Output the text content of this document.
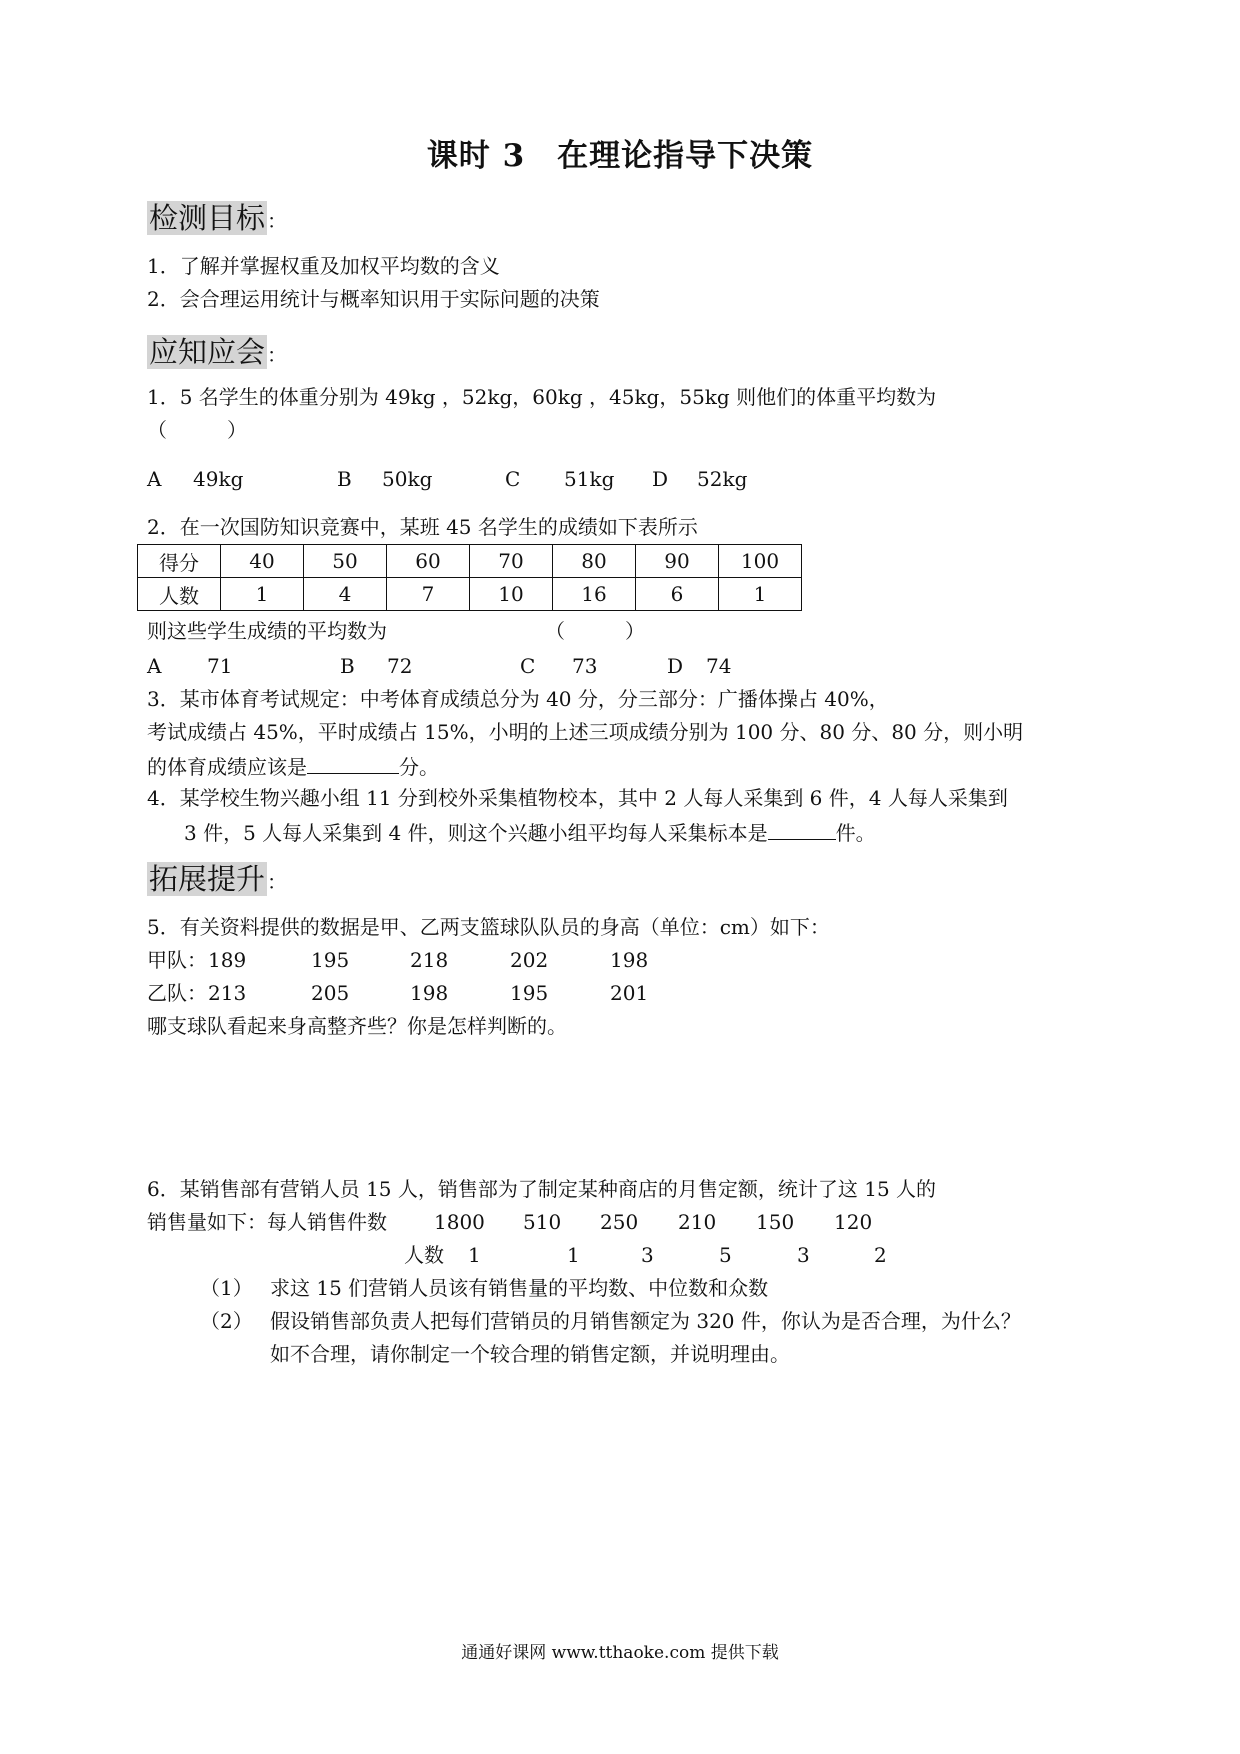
课时 3　在理论指导下决策
检测目标 ：
1．了解并掌握权重及加权平均数的含义
2．会合理运用统计与概率知识用于实际问题的决策
应知应会 ：
1．5 名学生的体重分别为 49kg ，52kg，60kg ，45kg，55kg 则他们的体重平均数为
（　　　）
A 49kg	B 50kg	C 51kg D 52kg
2．在一次国防知识竞赛中，某班 45 名学生的成绩如下表所示
得分	40	50	60	70	80	90	100
人数	1	4	7	10	16	6	1
则这些学生成绩的平均数为	（　　　）
A 71	B 72	C 73	D 74
3．某市体育考试规定：中考体育成绩总分为 40 分，分三部分：广播体操占 40%，
考试成绩占 45%，平时成绩占 15%，小明的上述三项成绩分别为 100 分、80 分、80 分，则小明
的体育成绩应该是	分。
4．某学校生物兴趣小组 11 分到校外采集植物校本，其中 2 人每人采集到 6 件，4 人每人采集到
3 件，5 人每人采集到 4 件，则这个兴趣小组平均每人采集标本是	件。
拓展提升 ：
5．有关资料提供的数据是甲、乙两支篮球队队员的身高（单位：cm）如下：
甲队： 189	195	218	202	198
乙队： 213	205	198	195	201
哪支球队看起来身高整齐些？你是怎样判断的。
6．某销售部有营销人员 15 人，销售部为了制定某种商店的月售定额，统计了这 15 人的
销售量如下：每人销售件数 1800 510 250 210 150 120
人数 1	1	3	5	3	2
（1） 求这 15 们营销人员该有销售量的平均数、中位数和众数
（2） 假设销售部负责人把每们营销员的月销售额定为 320 件，你认为是否合理，为什么？
如不合理，请你制定一个较合理的销售定额，并说明理由。
通通好课网 www.tthaoke.com 提供下载
